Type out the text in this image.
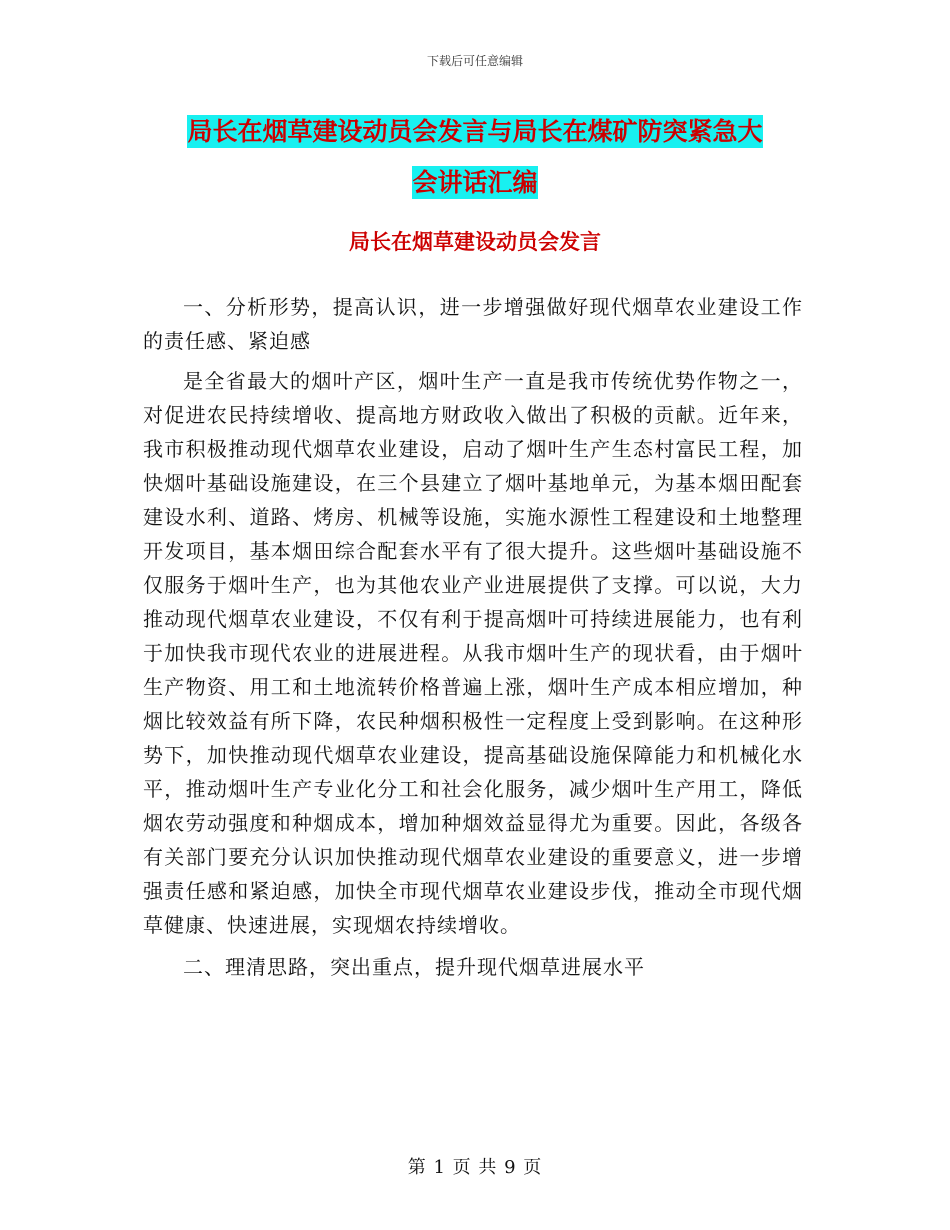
下载后可任意编辑
局长在烟草建设动员会发言与局长在煤矿防突紧急大
会讲话汇编
局长在烟草建设动员会发言

一、分析形势，提高认识，进一步增强做好现代烟草农业建设工作的责任感、紧迫感

是全省最大的烟叶产区，烟叶生产一直是我市传统优势作物之一，对促进农民持续增收、提高地方财政收入做出了积极的贡献。近年来，我市积极推动现代烟草农业建设，启动了烟叶生产生态村富民工程，加快烟叶基础设施建设，在三个县建立了烟叶基地单元，为基本烟田配套建设水利、道路、烤房、机械等设施，实施水源性工程建设和土地整理开发项目，基本烟田综合配套水平有了很大提升。这些烟叶基础设施不仅服务于烟叶生产，也为其他农业产业进展提供了支撑。可以说，大力推动现代烟草农业建设，不仅有利于提高烟叶可持续进展能力，也有利于加快我市现代农业的进展进程。从我市烟叶生产的现状看，由于烟叶生产物资、用工和土地流转价格普遍上涨，烟叶生产成本相应增加，种烟比较效益有所下降，农民种烟积极性一定程度上受到影响。在这种形势下，加快推动现代烟草农业建设，提高基础设施保障能力和机械化水平，推动烟叶生产专业化分工和社会化服务，减少烟叶生产用工，降低烟农劳动强度和种烟成本，增加种烟效益显得尤为重要。因此，各级各有关部门要充分认识加快推动现代烟草农业建设的重要意义，进一步增强责任感和紧迫感，加快全市现代烟草农业建设步伐，推动全市现代烟草健康、快速进展，实现烟农持续增收。

二、理清思路，突出重点，提升现代烟草进展水平

第 1 页 共 9 页
